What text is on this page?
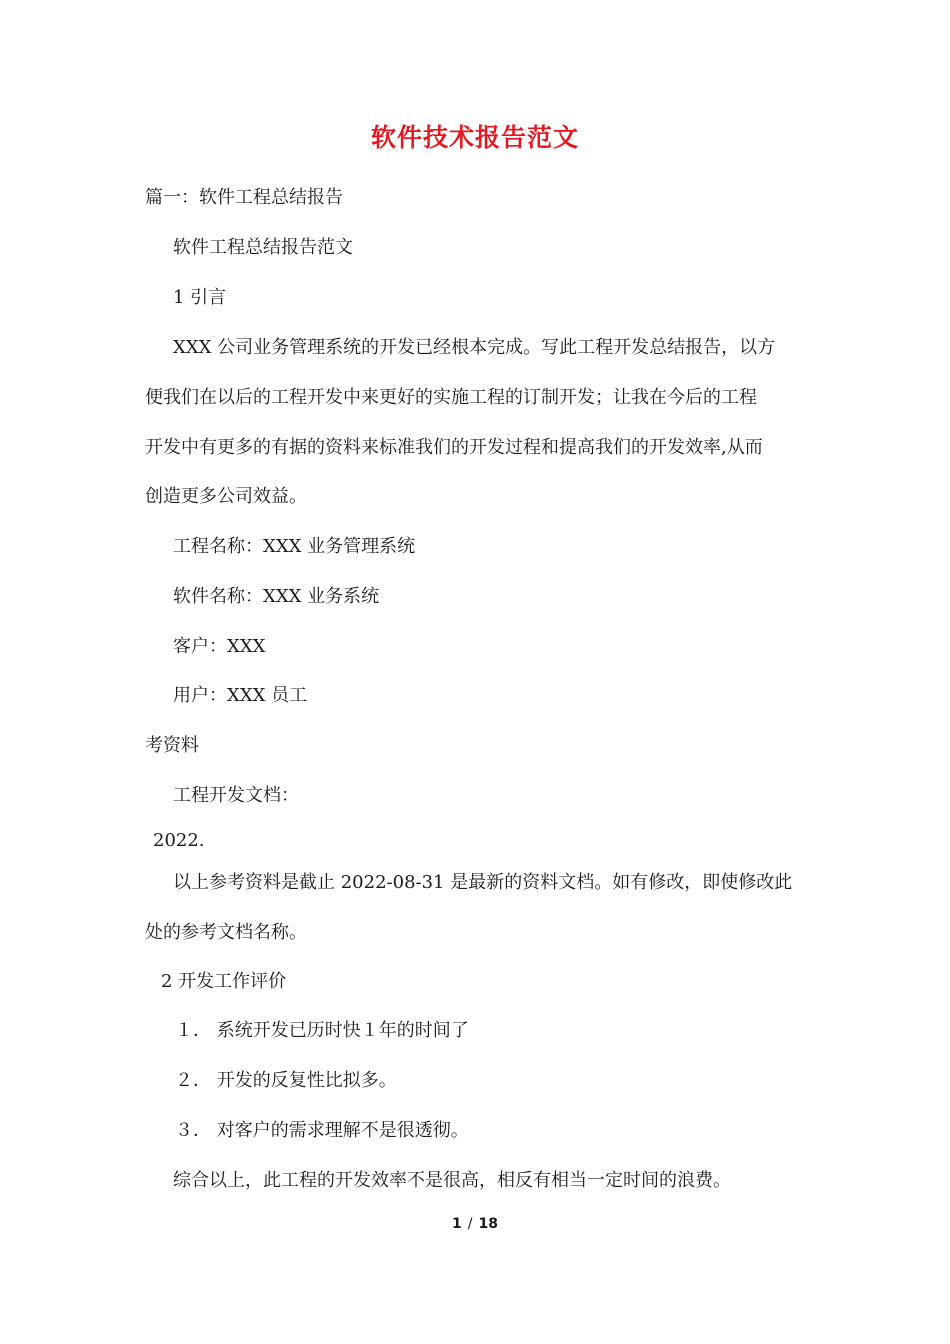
软件技术报告范文
篇一：软件工程总结报告
软件工程总结报告范文
1 引言
XXX 公司业务管理系统的开发已经根本完成。写此工程开发总结报告，以方
便我们在以后的工程开发中来更好的实施工程的订制开发；让我在今后的工程
开发中有更多的有据的资料来标准我们的开发过程和提高我们的开发效率,从而
创造更多公司效益。
工程名称：XXX 业务管理系统
软件名称：XXX 业务系统
客户：XXX
用户：XXX 员工
考资料
工程开发文档：
2022.
以上参考资料是截止 2022-08-31 是最新的资料文档。如有修改，即使修改此
处的参考文档名称。
2 开发工作评价
１． 系统开发已历时快１年的时间了
２． 开发的反复性比拟多。
３． 对客户的需求理解不是很透彻。
综合以上，此工程的开发效率不是很高，相反有相当一定时间的浪费。
1 / 18
